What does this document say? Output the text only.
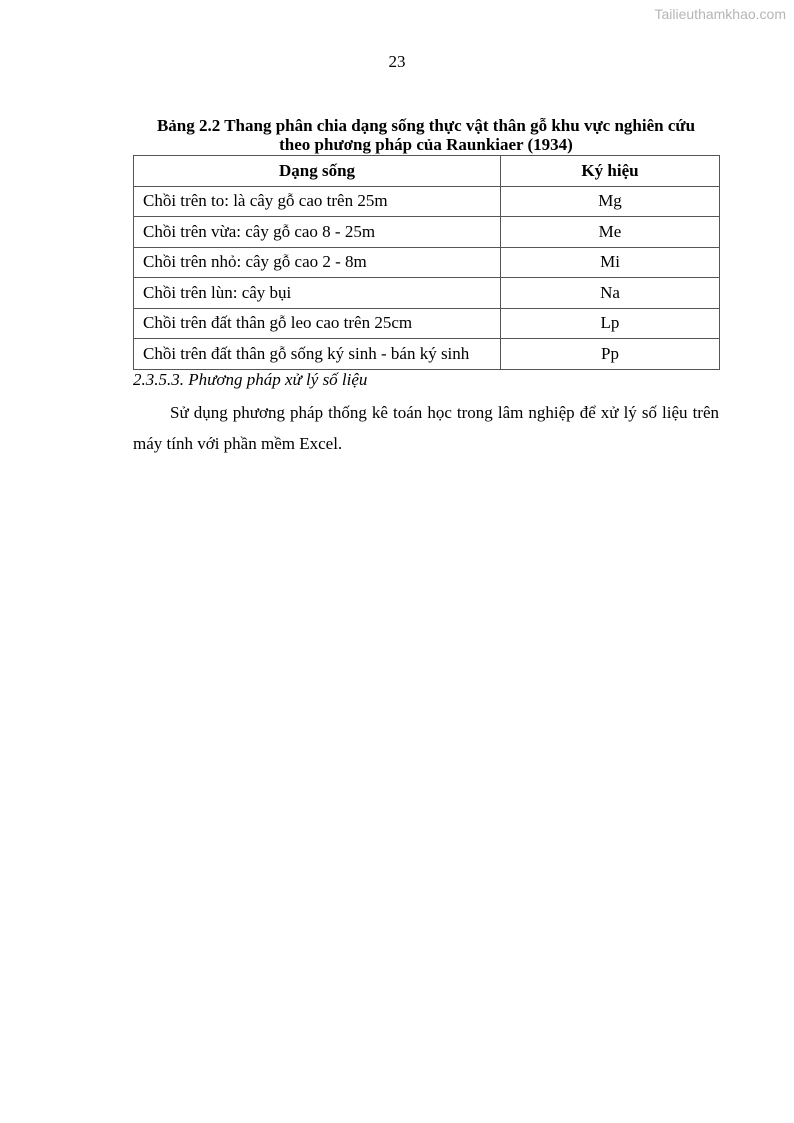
Tailieuthamkhao.com
23
Bảng 2.2 Thang phân chia dạng sống thực vật thân gỗ khu vực nghiên cứu
theo phương pháp của Raunkiaer (1934)
Dạng sống	Ký hiệu
Chồi trên to: là cây gỗ cao trên 25m	Mg
Chồi trên vừa: cây gỗ cao 8 - 25m	Me
Chồi trên nhỏ: cây gỗ cao 2 - 8m	Mi
Chồi trên lùn: cây bụi	Na
Chồi trên đất thân gỗ leo cao trên 25cm	Lp
Chồi trên đất thân gỗ sống ký sinh - bán ký sinh	Pp
2.3.5.3. Phương pháp xử lý số liệu
Sử dụng phương pháp thống kê toán học trong lâm nghiệp để xử lý số liệu trên máy tính với phần mềm Excel.
